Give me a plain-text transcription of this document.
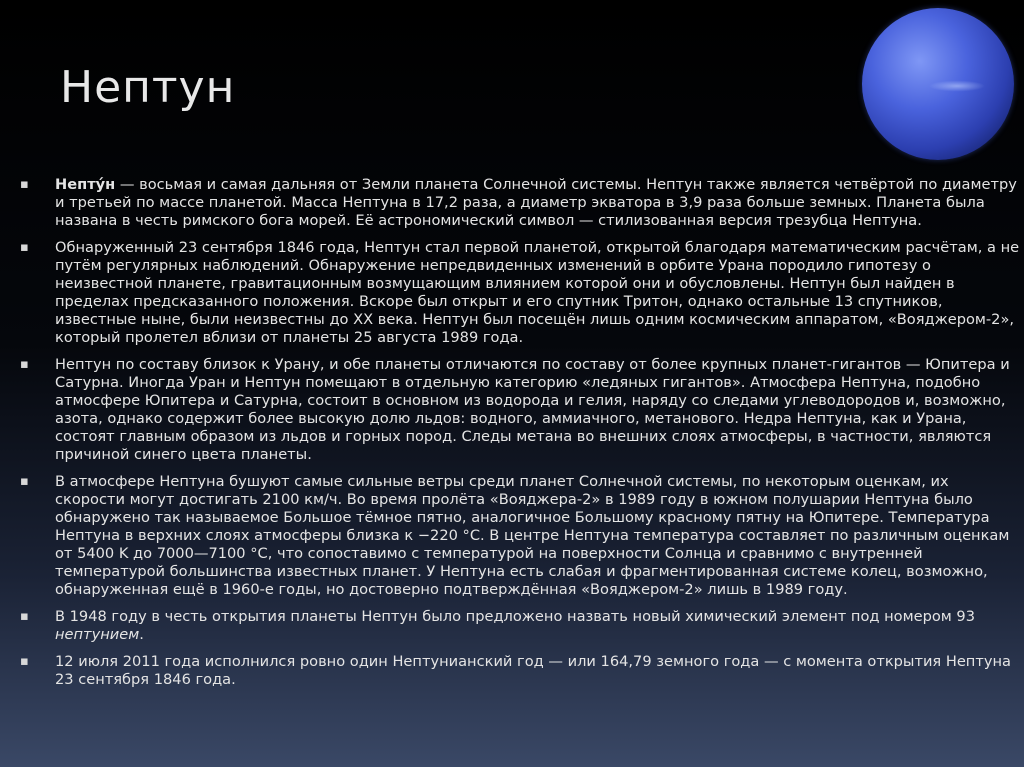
Нептун
▪ Непту́н — восьмая и самая дальняя от Земли планета Солнечной системы. Нептун также является четвёртой по диаметру и третьей по массе планетой. Масса Нептуна в 17,2 раза, а диаметр экватора в 3,9 раза больше земных. Планета была названа в честь римского бога морей. Её астрономический символ — стилизованная версия трезубца Нептуна.
▪ Обнаруженный 23 сентября 1846 года, Нептун стал первой планетой, открытой благодаря математическим расчётам, а не путём регулярных наблюдений. Обнаружение непредвиденных изменений в орбите Урана породило гипотезу о неизвестной планете, гравитационным возмущающим влиянием которой они и обусловлены. Нептун был найден в пределах предсказанного положения. Вскоре был открыт и его спутник Тритон, однако остальные 13 спутников, известные ныне, были неизвестны до XX века. Нептун был посещён лишь одним космическим аппаратом, «Вояджером-2», который пролетел вблизи от планеты 25 августа 1989 года.
▪ Нептун по составу близок к Урану, и обе планеты отличаются по составу от более крупных планет-гигантов — Юпитера и Сатурна. Иногда Уран и Нептун помещают в отдельную категорию «ледяных гигантов». Атмосфера Нептуна, подобно атмосфере Юпитера и Сатурна, состоит в основном из водорода и гелия, наряду со следами углеводородов и, возможно, азота, однако содержит более высокую долю льдов: водного, аммиачного, метанового. Недра Нептуна, как и Урана, состоят главным образом из льдов и горных пород. Следы метана во внешних слоях атмосферы, в частности, являются причиной синего цвета планеты.
▪ В атмосфере Нептуна бушуют самые сильные ветры среди планет Солнечной системы, по некоторым оценкам, их скорости могут достигать 2100 км/ч. Во время пролёта «Вояджера-2» в 1989 году в южном полушарии Нептуна было обнаружено так называемое Большое тёмное пятно, аналогичное Большому красному пятну на Юпитере. Температура Нептуна в верхних слоях атмосферы близка к −220 °C. В центре Нептуна температура составляет по различным оценкам от 5400 K до 7000—7100 °C, что сопоставимо с температурой на поверхности Солнца и сравнимо с внутренней температурой большинства известных планет. У Нептуна есть слабая и фрагментированная системе колец, возможно, обнаруженная ещё в 1960-е годы, но достоверно подтверждённая «Вояджером-2» лишь в 1989 году.
▪ В 1948 году в честь открытия планеты Нептун было предложено назвать новый химический элемент под номером 93 нептунием.
▪ 12 июля 2011 года исполнился ровно один Нептунианский год — или 164,79 земного года — с момента открытия Нептуна 23 сентября 1846 года.
